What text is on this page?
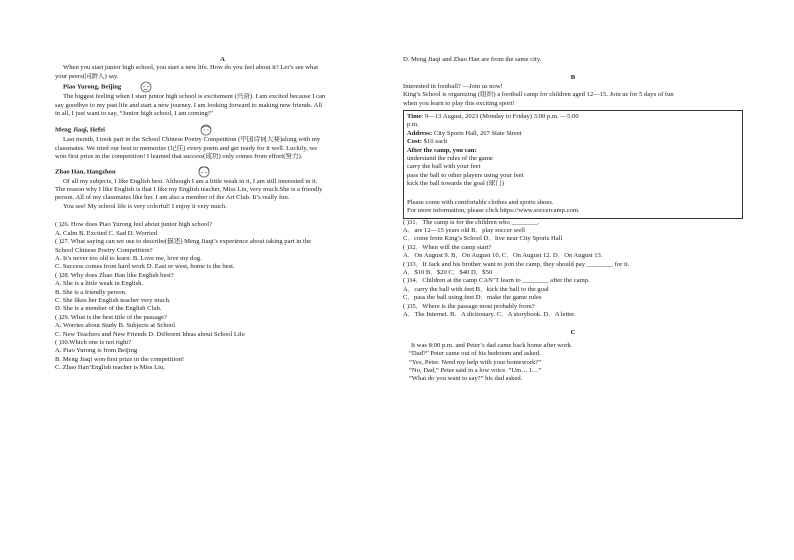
A
When you start junior high school, you start a new life. How do you feel about it? Let’s see what
your peers(同龄人) say.
Piao Yurong, Beijing
The biggest feeling when I start junior high school is excitement (兴奋). I am excited because I can
say goodbye to my past life and start a new journey. I am looking forward to making new friends. All
in all, I just want to say, “Junior high school, I am coming!”
Meng Jiaqi, Hefei
Last month, I took part in the School Chinese Poetry Competition (中国诗词大赛)along with my
classmates. We tried our best to memorize (记住) every poem and get ready for it well. Luckily, we
won first prize in the competition! I learned that success(成功) only comes from effort(努力).
Zhao Han, Hangzhou
Of all my subjects, I like English best. Although I am a little weak in it, I am still interested in it.
The reason why I like English is that I like my English teacher, Miss Liu, very much.She is a friendly
person. All of my classmates like her. I am also a member of the Art Club. It’s really fun.
You see! My school life is very colorful! I enjoy it very much.
( )26. How does Piao Yurong feel about junior high school?
A. Calm B. Excited C. Sad D. Worried
( )27. What saying can we use to describe(描述) Meng Jiaqi’s experience about taking part in the
School Chinese Poetry Competition?
A. It’s never too old to learn. B. Love me, love my dog.
C. Success comes from hard work D. East or west, home is the best.
( )28. Why does Zhao Han like English best?
A. She is a little weak in English.
B. She is a friendly person.
C. She likes her English teacher very much.
D. She is a member of the English Club.
( )29. What is the best title of the passage?
A. Worries about Study B. Subjects at School
C. New Teachers and New Friends D. Different Ideas about School Life
( )30.Which one is not right?
A. Piao Yurong is from Beijing
B. Meng Jiaqi won first prize in the competition!
C. Zhao Han’English teacher is Miss Liu,
D. Meng Jiaqi and Zhao Han are from the same city.
B
Interested in football? —Join us now!
King’s School is organizing (组织) a football camp for children aged 12—15. Join us for 5 days of fun
when you learn to play this exciting sport!
Time: 9—13 August, 2023 (Monday to Friday) 3:00 p.m. —5:00
p.m.
Address: City Sports Hall, 267 State Street
Cost: $10 each
After the camp, you can:
understand the rules of the game
carry the ball with your feet
pass the ball to other players using your feet
kick the ball towards the goal (球门)
Please come with comfortable clothes and sports shoes.
For more information, please click https://www.soccercamp.com.
( )31．The camp is for the children who ________.
A．are 12—15 years old B．play soccer well
C．come from King’s School D．live near City Sports Hall
( )32．When will the camp start?
A．On August 9. B．On August 10. C．On August 12. D．On August 13.
( )33．If Jack and his brother want to join the camp, they should pay ________ for it.
A．$10 B．$20 C．$40 D．$50
( )34．Children at the camp CAN’T learn to ________ after the camp.
A．carry the ball with feet B．kick the ball to the goal
C．pass the ball using feet D．make the game rules
( )35．Where is the passage most probably from?
A．The Internet. B．A dictionary. C．A storybook. D．A letter.
C
It was 8:00 p.m. and Peter’s dad came back home after work.
“Dad?” Peter came out of his bedroom and asked.
“Yes, Peter. Need my help with your homework?”
“No, Dad,” Peter said in a low voice. “Um… I…”
“What do you want to say?” his dad asked.
